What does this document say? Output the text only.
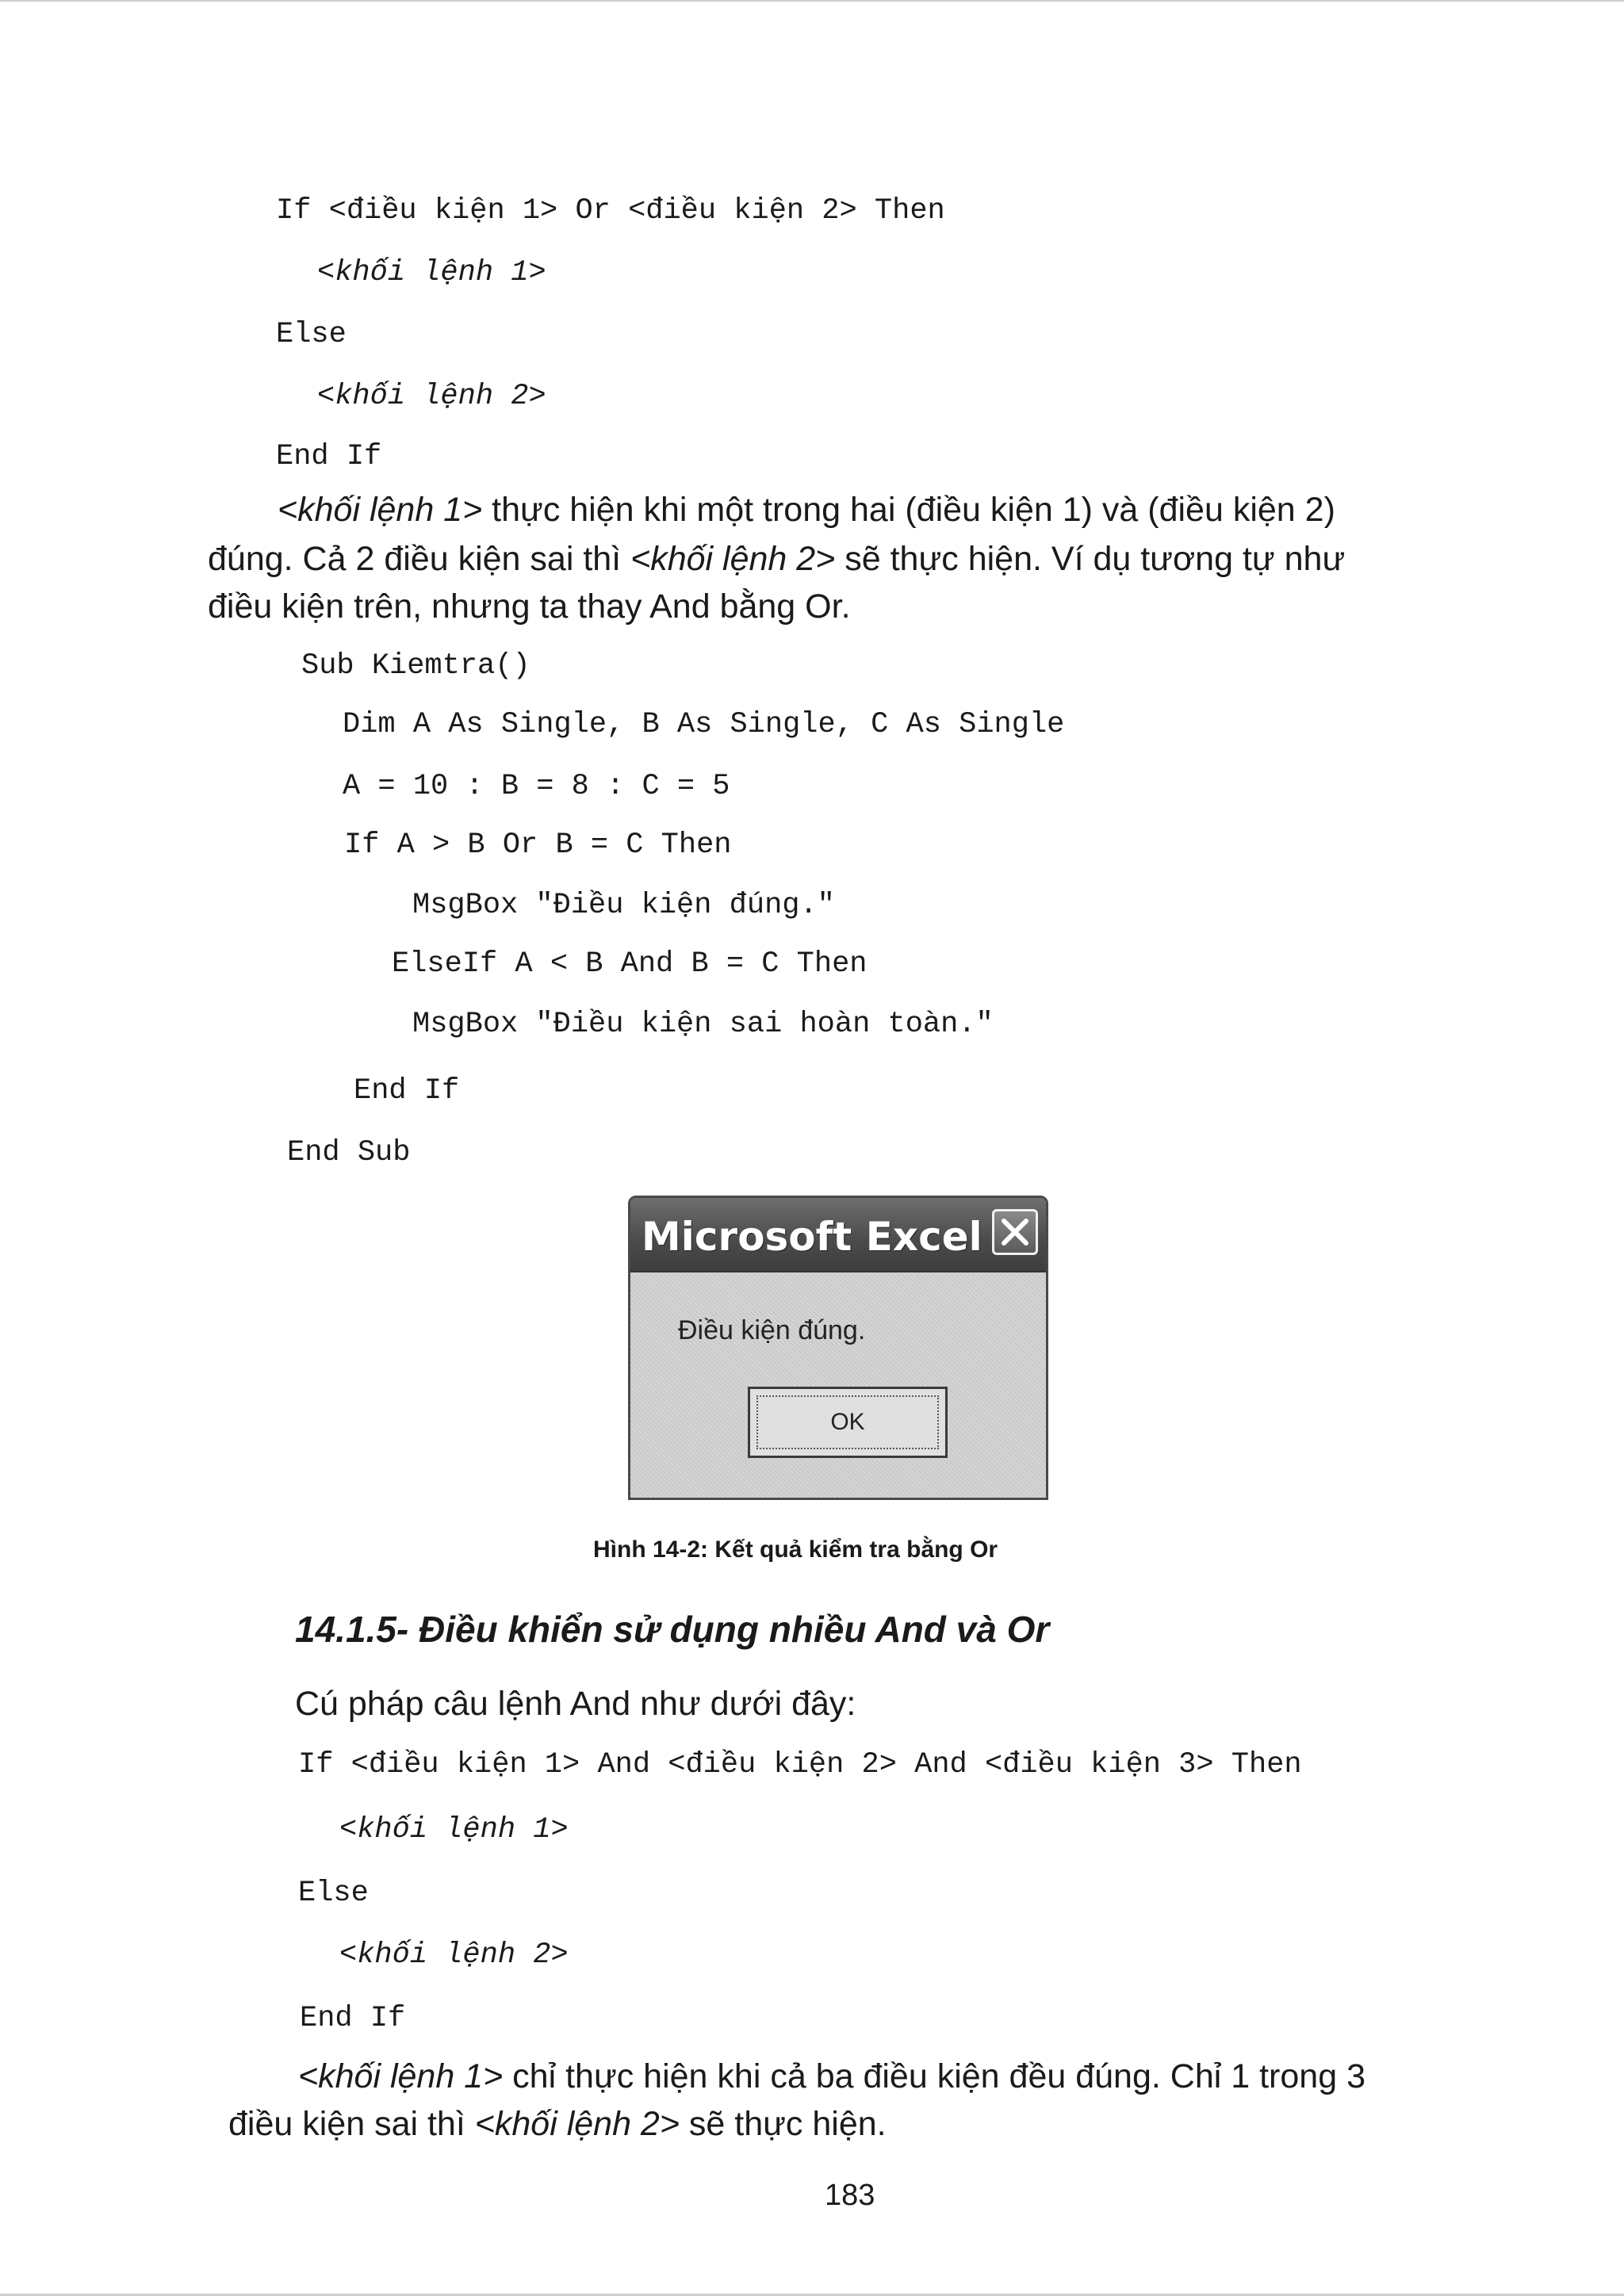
If <điều kiện 1> Or <điều kiện 2> Then
<khối lệnh 1>
Else
<khối lệnh 2>
End If
<khối lệnh 1> thực hiện khi một trong hai (điều kiện 1) và (điều kiện 2)
đúng. Cả 2 điều kiện sai thì <khối lệnh 2> sẽ thực hiện. Ví dụ tương tự như
điều kiện trên, nhưng ta thay And bằng Or.
Sub Kiemtra()
Dim A As Single, B As Single, C As Single
A = 10 : B = 8 : C = 5
If A > B Or B = C Then
MsgBox "Điều kiện đúng."
ElseIf A < B And B = C Then
MsgBox "Điều kiện sai hoàn toàn."
End If
End Sub
Microsoft Excel
Điều kiện đúng.
OK
Hình 14-2: Kết quả kiểm tra bằng Or
14.1.5- Điều khiển sử dụng nhiều And và Or
Cú pháp câu lệnh And như dưới đây:
If <điều kiện 1> And <điều kiện 2> And <điều kiện 3> Then
<khối lệnh 1>
Else
<khối lệnh 2>
End If
<khối lệnh 1> chỉ thực hiện khi cả ba điều kiện đều đúng. Chỉ 1 trong 3
điều kiện sai thì <khối lệnh 2> sẽ thực hiện.
183
